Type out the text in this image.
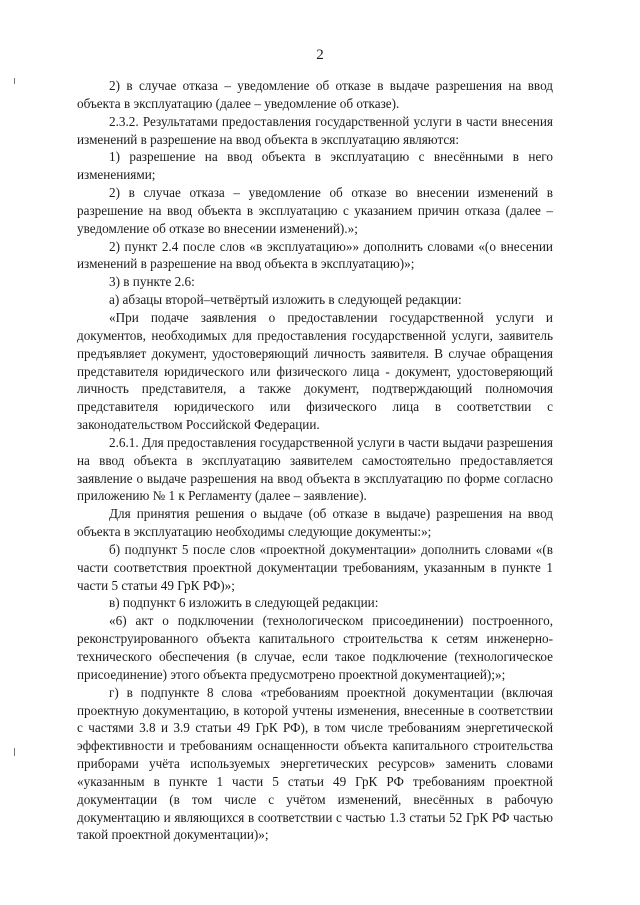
2

2) в случае отказа – уведомление об отказе в выдаче разрешения на ввод объекта в эксплуатацию (далее – уведомление об отказе).

2.3.2. Результатами предоставления государственной услуги в части внесения изменений в разрешение на ввод объекта в эксплуатацию являются:

1) разрешение на ввод объекта в эксплуатацию с внесёнными в него изменениями;

2) в случае отказа – уведомление об отказе во внесении изменений в разрешение на ввод объекта в эксплуатацию с указанием причин отказа (далее – уведомление об отказе во внесении изменений).»;

2) пункт 2.4 после слов «в эксплуатацию»» дополнить словами «(о внесении изменений в разрешение на ввод объекта в эксплуатацию)»;

3) в пункте 2.6:

а) абзацы второй–четвёртый изложить в следующей редакции:

«При подаче заявления о предоставлении государственной услуги и документов, необходимых для предоставления государственной услуги, заявитель предъявляет документ, удостоверяющий личность заявителя. В случае обращения представителя юридического или физического лица - документ, удостоверяющий личность представителя, а также документ, подтверждающий полномочия представителя юридического или физического лица в соответствии с законодательством Российской Федерации.

2.6.1. Для предоставления государственной услуги в части выдачи разрешения на ввод объекта в эксплуатацию заявителем самостоятельно предоставляется заявление о выдаче разрешения на ввод объекта в эксплуатацию по форме согласно приложению № 1 к Регламенту (далее – заявление).

Для принятия решения о выдаче (об отказе в выдаче) разрешения на ввод объекта в эксплуатацию необходимы следующие документы:»;

б) подпункт 5 после слов «проектной документации» дополнить словами «(в части соответствия проектной документации требованиям, указанным в пункте 1 части 5 статьи 49 ГрК РФ)»;

в) подпункт 6 изложить в следующей редакции:

«6) акт о подключении (технологическом присоединении) построенного, реконструированного объекта капитального строительства к сетям инженерно-технического обеспечения (в случае, если такое подключение (технологическое присоединение) этого объекта предусмотрено проектной документацией);»;

г) в подпункте 8 слова «требованиям проектной документации (включая проектную документацию, в которой учтены изменения, внесенные в соответствии с частями 3.8 и 3.9 статьи 49 ГрК РФ), в том числе требованиям энергетической эффективности и требованиям оснащенности объекта капитального строительства приборами учёта используемых энергетических ресурсов» заменить словами «указанным в пункте 1 части 5 статьи 49 ГрК РФ требованиям проектной документации (в том числе с учётом изменений, внесённых в рабочую документацию и являющихся в соответствии с частью 1.3 статьи 52 ГрК РФ частью такой проектной документации)»;
